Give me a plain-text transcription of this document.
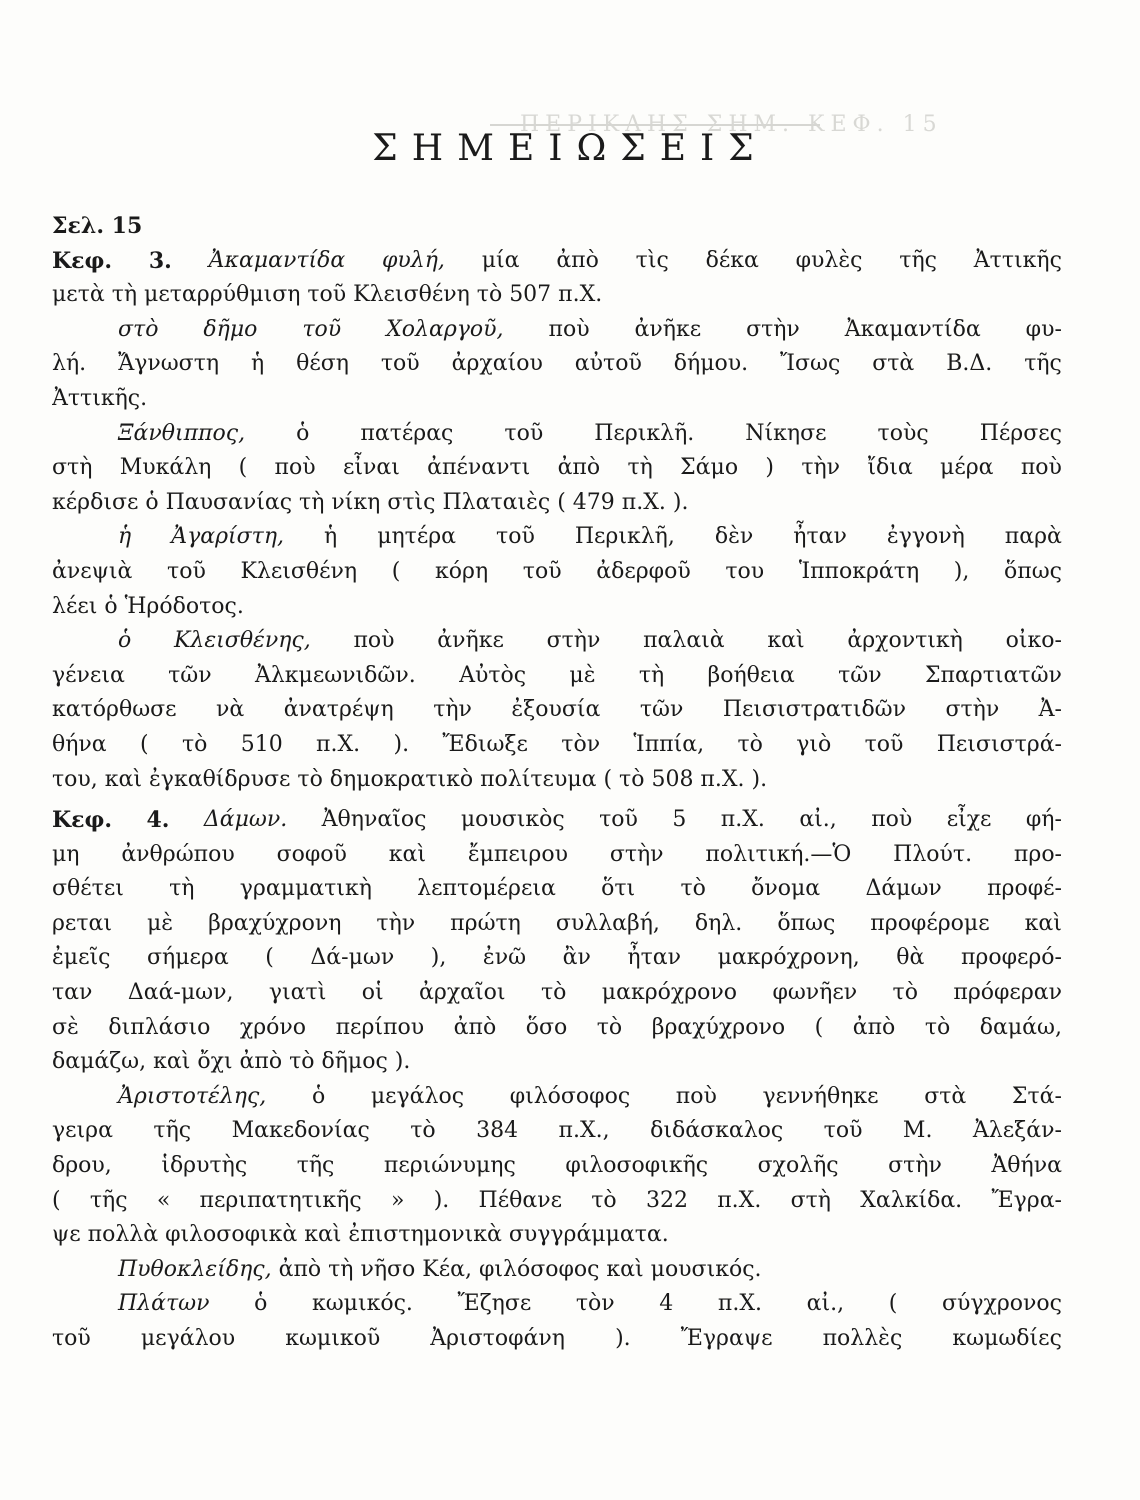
ΠΕΡΙΚΛΗΣ ΣΗΜ. ΚΕΦ. 15
ΣΗΜΕΙΩΣΕΙΣ
Σελ. 15
Κεφ. 3. Ἀκαμαντίδα φυλή, μία ἀπὸ τὶς δέκα φυλὲς τῆς Ἀττικῆς
μετὰ τὴ μεταρρύθμιση τοῦ Κλεισθένη τὸ 507 π.Χ.
στὸ δῆμο τοῦ Χολαργοῦ, ποὺ ἀνῆκε στὴν Ἀκαμαντίδα φυ-
λή. Ἄγνωστη ἡ θέση τοῦ ἀρχαίου αὐτοῦ δήμου. Ἴσως στὰ Β.Δ. τῆς
Ἀττικῆς.
Ξάνθιππος, ὁ πατέρας τοῦ Περικλῆ. Νίκησε τοὺς Πέρσες
στὴ Μυκάλη ( ποὺ εἶναι ἀπέναντι ἀπὸ τὴ Σάμο ) τὴν ἴδια μέρα ποὺ
κέρδισε ὁ Παυσανίας τὴ νίκη στὶς Πλαταιὲς ( 479 π.Χ. ).
ἡ Ἀγαρίστη, ἡ μητέρα τοῦ Περικλῆ, δὲν ἦταν ἐγγονὴ παρὰ
ἀνεψιὰ τοῦ Κλεισθένη ( κόρη τοῦ ἀδερφοῦ του Ἱπποκράτη ), ὅπως
λέει ὁ Ἡρόδοτος.
ὁ Κλεισθένης, ποὺ ἀνῆκε στὴν παλαιὰ καὶ ἀρχοντικὴ οἰκο-
γένεια τῶν Ἀλκμεωνιδῶν. Αὐτὸς μὲ τὴ βοήθεια τῶν Σπαρτιατῶν
κατόρθωσε νὰ ἀνατρέψη τὴν ἐξουσία τῶν Πεισιστρατιδῶν στὴν Ἀ-
θήνα ( τὸ 510 π.Χ. ). Ἔδιωξε τὸν Ἱππία, τὸ γιὸ τοῦ Πεισιστρά-
του, καὶ ἐγκαθίδρυσε τὸ δημοκρατικὸ πολίτευμα ( τὸ 508 π.Χ. ).
Κεφ. 4. Δάμων. Ἀθηναῖος μουσικὸς τοῦ 5 π.Χ. αἰ., ποὺ εἶχε φή-
μη ἀνθρώπου σοφοῦ καὶ ἔμπειρου στὴν πολιτική.—Ὁ Πλούτ. προ-
σθέτει τὴ γραμματικὴ λεπτομέρεια ὅτι τὸ ὄνομα Δάμων προφέ-
ρεται μὲ βραχύχρονη τὴν πρώτη συλλαβή, δηλ. ὅπως προφέρομε καὶ
ἐμεῖς σήμερα ( Δά-μων ), ἐνῶ ἂν ἦταν μακρόχρονη, θὰ προφερό-
ταν Δαά-μων, γιατὶ οἱ ἀρχαῖοι τὸ μακρόχρονο φωνῆεν τὸ πρόφεραν
σὲ διπλάσιο χρόνο περίπου ἀπὸ ὅσο τὸ βραχύχρονο ( ἀπὸ τὸ δαμάω,
δαμάζω, καὶ ὄχι ἀπὸ τὸ δῆμος ).
Ἀριστοτέλης, ὁ μεγάλος φιλόσοφος ποὺ γεννήθηκε στὰ Στά-
γειρα τῆς Μακεδονίας τὸ 384 π.Χ., διδάσκαλος τοῦ Μ. Ἀλεξάν-
δρου, ἱδρυτὴς τῆς περιώνυμης φιλοσοφικῆς σχολῆς στὴν Ἀθήνα
( τῆς « περιπατητικῆς » ). Πέθανε τὸ 322 π.Χ. στὴ Χαλκίδα. Ἔγρα-
ψε πολλὰ φιλοσοφικὰ καὶ ἐπιστημονικὰ συγγράμματα.
Πυθοκλείδης, ἀπὸ τὴ νῆσο Κέα, φιλόσοφος καὶ μουσικός.
Πλάτων ὁ κωμικός. Ἔζησε τὸν 4 π.Χ. αἰ., ( σύγχρονος
τοῦ μεγάλου κωμικοῦ Ἀριστοφάνη ). Ἔγραψε πολλὲς κωμωδίες
